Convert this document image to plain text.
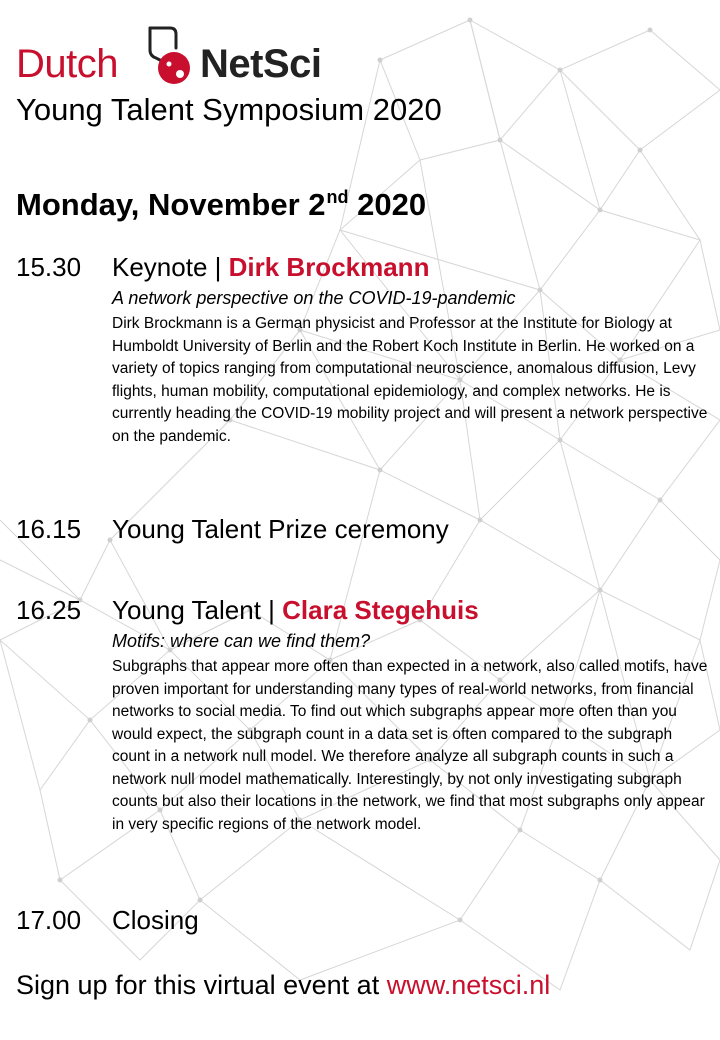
Dutch NetSci
Young Talent Symposium 2020
Monday, November 2nd 2020
15.30 Keynote | Dirk Brockmann
A network perspective on the COVID-19-pandemic
Dirk Brockmann is a German physicist and Professor at the Institute for Biology at Humboldt University of Berlin and the Robert Koch Institute in Berlin. He worked on a variety of topics ranging from computational neuroscience, anomalous diffusion, Levy flights, human mobility, computational epidemiology, and complex networks. He is currently heading the COVID-19 mobility project and will present a network perspective on the pandemic.
16.15 Young Talent Prize ceremony
16.25 Young Talent | Clara Stegehuis
Motifs: where can we find them?
Subgraphs that appear more often than expected in a network, also called motifs, have proven important for understanding many types of real-world networks, from financial networks to social media. To find out which subgraphs appear more often than you would expect, the subgraph count in a data set is often compared to the subgraph count in a network null model. We therefore analyze all subgraph counts in such a network null model mathematically. Interestingly, by not only investigating subgraph counts but also their locations in the network, we find that most subgraphs only appear in very specific regions of the network model.
17.00 Closing
Sign up for this virtual event at www.netsci.nl
